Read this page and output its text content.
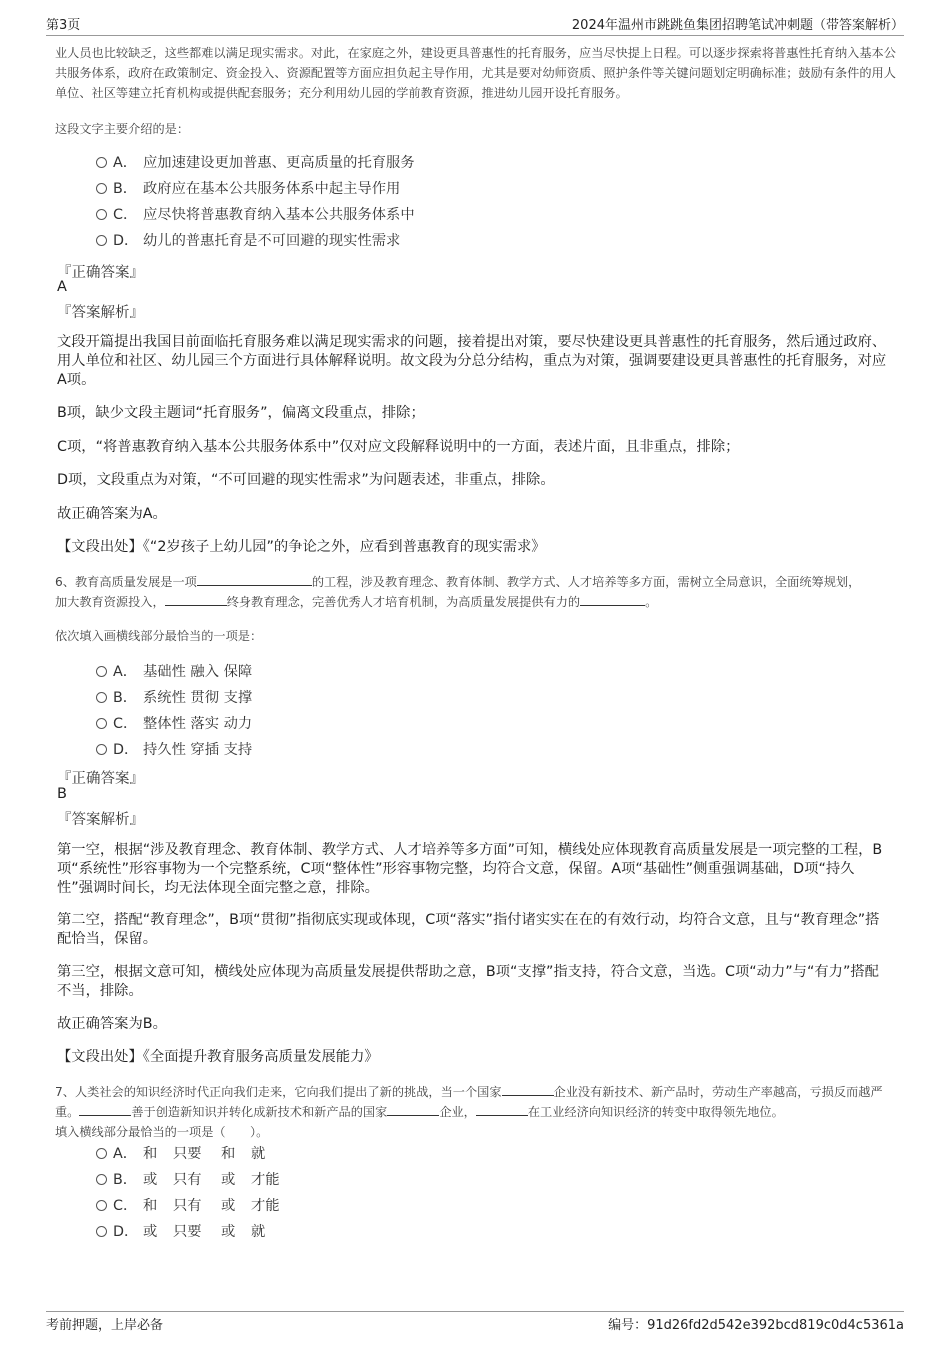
第3页	2024年温州市跳跳鱼集团招聘笔试冲刺题（带答案解析）

业人员也比较缺乏，这些都难以满足现实需求。对此，在家庭之外，建设更具普惠性的托育服务，应当尽快提上日程。可以逐步探索将普惠性托育纳入基本公共服务体系，政府在政策制定、资金投入、资源配置等方面应担负起主导作用，尤其是要对幼师资质、照护条件等关键问题划定明确标准；鼓励有条件的用人单位、社区等建立托育机构或提供配套服务；充分利用幼儿园的学前教育资源，推进幼儿园开设托育服务。

这段文字主要介绍的是：

A． 应加速建设更加普惠、更高质量的托育服务
B． 政府应在基本公共服务体系中起主导作用
C． 应尽快将普惠教育纳入基本公共服务体系中
D． 幼儿的普惠托育是不可回避的现实性需求

『正确答案』

A

『答案解析』

文段开篇提出我国目前面临托育服务难以满足现实需求的问题，接着提出对策，要尽快建设更具普惠性的托育服务，然后通过政府、用人单位和社区、幼儿园三个方面进行具体解释说明。故文段为分总分结构，重点为对策，强调要建设更具普惠性的托育服务，对应A项。

B项，缺少文段主题词“托育服务”，偏离文段重点，排除；

C项，“将普惠教育纳入基本公共服务体系中”仅对应文段解释说明中的一方面，表述片面，且非重点，排除；

D项，文段重点为对策，“不可回避的现实性需求”为问题表述，非重点，排除。

故正确答案为A。

【文段出处】《“2岁孩子上幼儿园”的争论之外，应看到普惠教育的现实需求》

6、教育高质量发展是一项	的工程，涉及教育理念、教育体制、教学方式、人才培养等多方面，需树立全局意识，全面统筹规划，
加大教育资源投入，	终身教育理念，完善优秀人才培育机制，为高质量发展提供有力的	。

依次填入画横线部分最恰当的一项是：

A． 基础性 融入 保障
B． 系统性 贯彻 支撑
C． 整体性 落实 动力
D． 持久性 穿插 支持

『正确答案』

B

『答案解析』

第一空，根据“涉及教育理念、教育体制、教学方式、人才培养等多方面”可知，横线处应体现教育高质量发展是一项完整的工程，B项“系统性”形容事物为一个完整系统，C项“整体性”形容事物完整，均符合文意，保留。A项“基础性”侧重强调基础，D项“持久性”强调时间长，均无法体现全面完整之意，排除。

第二空，搭配“教育理念”，B项“贯彻”指彻底实现或体现，C项“落实”指付诸实实在在的有效行动，均符合文意，且与“教育理念”搭配恰当，保留。

第三空，根据文意可知，横线处应体现为高质量发展提供帮助之意，B项“支撑”指支持，符合文意，当选。C项“动力”与“有力”搭配不当，排除。

故正确答案为B。

【文段出处】《全面提升教育服务高质量发展能力》

7、人类社会的知识经济时代正向我们走来，它向我们提出了新的挑战，当一个国家	企业没有新技术、新产品时，劳动生产率越高，亏损反而越严重。	善于创造新知识并转化成新技术和新产品的国家	企业，	在工业经济向知识经济的转变中取得领先地位。
填入横线部分最恰当的一项是（　　）。

A． 和 只要 和 就
B． 或 只有 或 才能
C． 和 只有 或 才能
D． 或 只要 或 就
考前押题，上岸必备	编号：91d26fd2d542e392bcd819c0d4c5361a
